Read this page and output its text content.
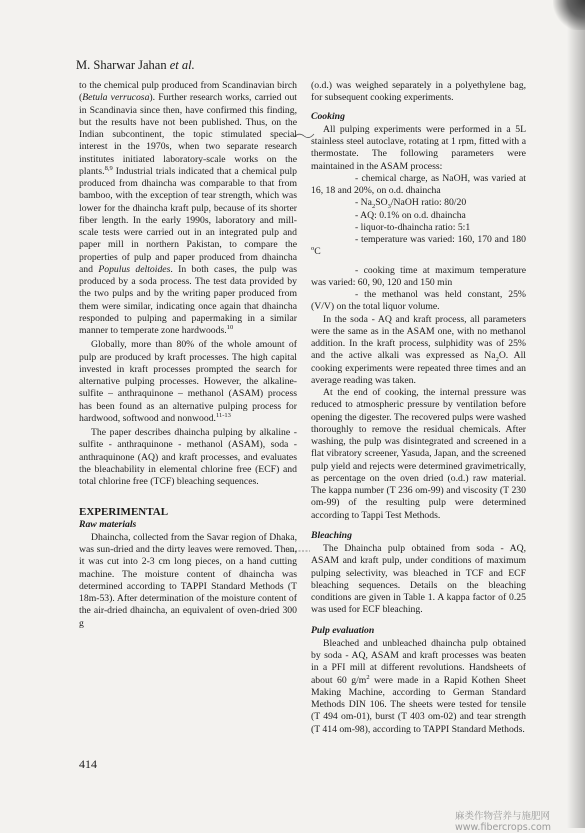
M. Sharwar Jahan et al.

to the chemical pulp produced from Scandinavian birch (Betula verrucosa). Further research works, carried out in Scandinavia since then, have confirmed this finding, but the results have not been published. Thus, on the Indian subcontinent, the topic stimulated special interest in the 1970s, when two separate research institutes initiated laboratory-scale works on the plants.$^{8,9}$ Industrial trials indicated that a chemical pulp produced from dhaincha was comparable to that from bamboo, with the exception of tear strength, which was lower for the dhaincha kraft pulp, because of its shorter fiber length. In the early 1990s, laboratory and mill-scale tests were carried out in an integrated pulp and paper mill in northern Pakistan, to compare the properties of pulp and paper produced from dhaincha and Populus deltoides. In both cases, the pulp was produced by a soda process. The test data provided by the two pulps and by the writing paper produced from them were similar, indicating once again that dhaincha responded to pulping and papermaking in a similar manner to temperate zone hardwoods.$^{10}$

Globally, more than 80% of the whole amount of pulp are produced by kraft processes. The high capital invested in kraft processes prompted the search for alternative pulping processes. However, the alkaline-sulfite – anthraquinone – methanol (ASAM) process has been found as an alternative pulping process for hardwood, softwood and nonwood.$^{11-13}$

The paper describes dhaincha pulping by alkaline - sulfite - anthraquinone - methanol (ASAM), soda - anthraquinone (AQ) and kraft processes, and evaluates the bleachability in elemental chlorine free (ECF) and total chlorine free (TCF) bleaching sequences.

EXPERIMENTAL
Raw materials

Dhaincha, collected from the Savar region of Dhaka, was sun-dried and the dirty leaves were removed. Then, it was cut into 2-3 cm long pieces, on a hand cutting machine. The moisture content of dhaincha was determined according to TAPPI Standard Methods (T 18m-53). After determination of the moisture content of the air-dried dhaincha, an equivalent of oven-dried 300 g

(o.d.) was weighed separately in a polyethylene bag, for subsequent cooking experiments.

Cooking

All pulping experiments were performed in a 5L stainless steel autoclave, rotating at 1 rpm, fitted with a thermostate. The following parameters were maintained in the ASAM process:

- chemical charge, as NaOH, was varied at 16, 18 and 20%, on o.d. dhaincha

- $Na_2SO_3$/NaOH ratio: 80/20

- AQ: 0.1% on o.d. dhaincha

- liquor-to-dhaincha ratio: 5:1

- temperature was varied: 160, 170 and 180 $^o$C

- cooking time at maximum temperature was varied: 60, 90, 120 and 150 min

- the methanol was held constant, 25% (V/V) on the total liquor volume.

In the soda - AQ and kraft process, all parameters were the same as in the ASAM one, with no methanol addition. In the kraft process, sulphidity was of 25% and the active alkali was expressed as $Na_2O$. All cooking experiments were repeated three times and an average reading was taken.

At the end of cooking, the internal pressure was reduced to atmospheric pressure by ventilation before opening the digester. The recovered pulps were washed thoroughly to remove the residual chemicals. After washing, the pulp was disintegrated and screened in a flat vibratory screener, Yasuda, Japan, and the screened pulp yield and rejects were determined gravimetrically, as percentage on the oven dried (o.d.) raw material. The kappa number (T 236 om-99) and viscosity (T 230 om-99) of the resulting pulp were determined according to Tappi Test Methods.

Bleaching

The Dhaincha pulp obtained from soda - AQ, ASAM and kraft pulp, under conditions of maximum pulping selectivity, was bleached in TCF and ECF bleaching sequences. Details on the bleaching conditions are given in Table 1. A kappa factor of 0.25 was used for ECF bleaching.

Pulp evaluation

Bleached and unbleached dhaincha pulp obtained by soda - AQ, ASAM and kraft processes was beaten in a PFI mill at different revolutions. Handsheets of about 60 $g/m^2$ were made in a Rapid Kothen Sheet Making Machine, according to German Standard Methods DIN 106. The sheets were tested for tensile (T 494 om-01), burst (T 403 om-02) and tear strength (T 414 om-98), according to TAPPI Standard Methods.

414
麻类作物营养与施肥网 www.fibercrops.com
